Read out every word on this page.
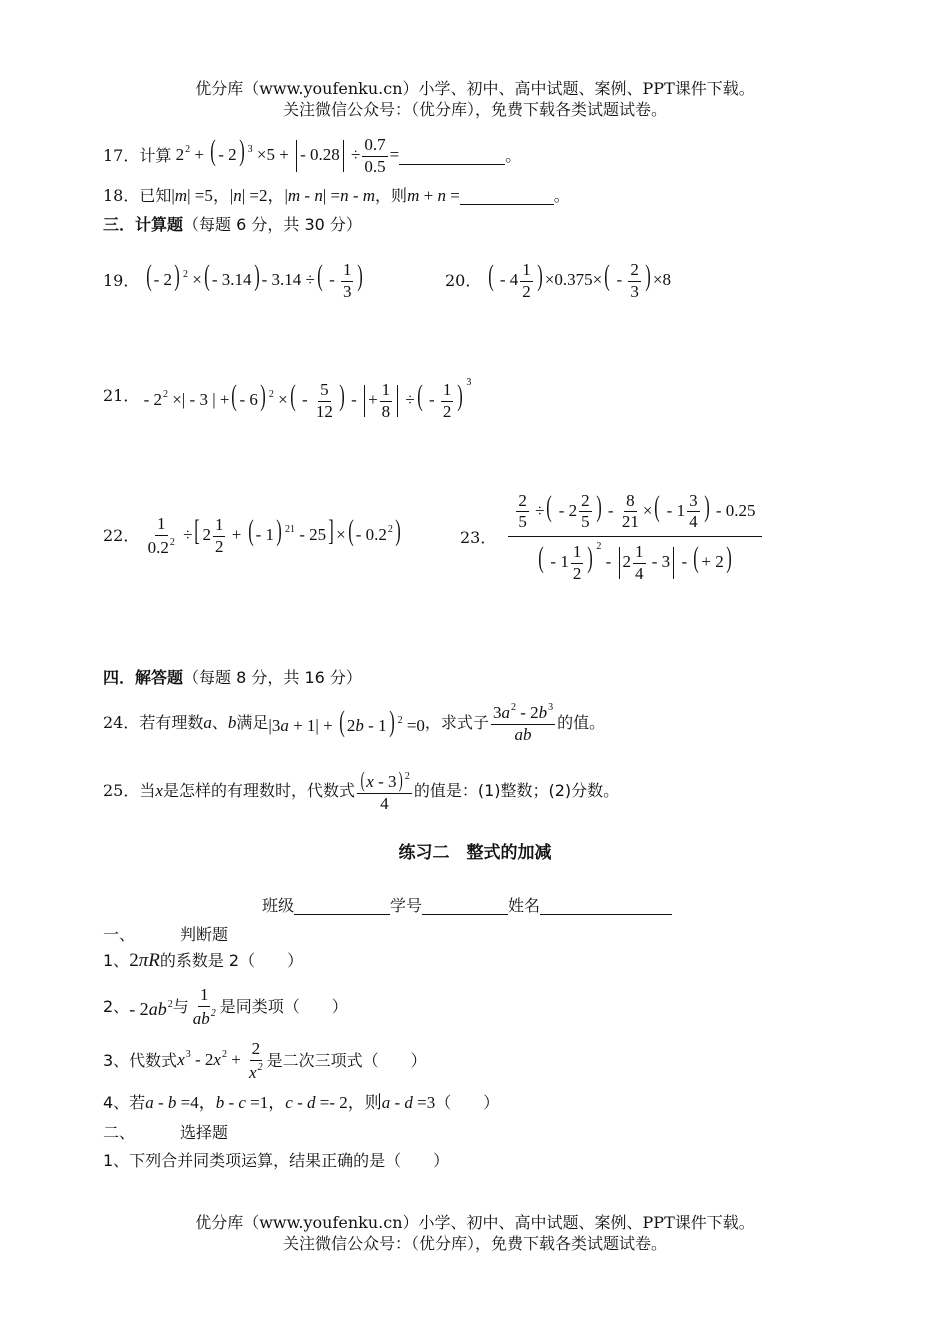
优分库（www.youfenku.cn）小学、初中、高中试题、案例、PPT课件下载。
关注微信公众号：（优分库），免费下载各类试题试卷。
17． 计算 $2^2$ + ( - 2) $^3$ ×5 + - $0.28 \div \frac{0.7}{0.5}$ =	。
18． 已知 |m| =5，|n| =2，|m - n| =n - m ，则 m + n =	。
三．计算题 （每题 6 分，共 30 分）
19． ( - 2) $^2$ ×( - 3.14) - 3.14 ÷( - $\frac{1}{3}$ )	20． ( - $4 \frac{1}{2}$ ) $\times 0.375\times( - \frac{2}{3}$ ) ×8
21． - $2^2$ ×| - 3 | +( - 6) $^2$ ×( - $\frac{5}{12}$ ) - + $\frac{1}{8}$ ÷( - $\frac{1}{2}$ ) $^3$
22．
$\frac{1}{0.2^2}$ ÷[ $2 \frac{1}{2}$ + ( - 1) $^{21}$ - 25] ×( - $0.2^2$)	23． $\frac{\frac{2}{5} \div( - 2 \frac{2}{5} ) - \frac{8}{21} \times( - 1 \frac{3}{4} ) - 0.25}{( - 1 \frac{1}{2} ) ^2 - 2 \frac{1}{4} - 3 - ( + 2)}$
四．解答题 （每题 8 分，共 16 分）
24． 若有理数 a 、 b 满足 |3a + 1| + ( 2b - 1) $^2$ =0 ，求式子 $\frac{3a^2 - 2b^3}{ab}$ 的值。
25． 当 x 是怎样的有理数时，代数式 $\frac{(x - 3) ^2}{4}$ 的值是：(1)整数；(2)分数。
练习二　整式的加减
班级	学号	姓名
一、	判断题
1、 2πR 的系数是 2（　　）
2、 - $2ab^2$ 与 $\frac{1}{ab^2}$ 是同类项（　　）
3、代数式 $x^3 - 2x^2 + \frac{2}{x^2}$ 是二次三项式（　　）
4、若 a - b =4，b - c =1，c - d =- 2，则a - d =3 （　　）
二、	选择题
1、下列合并同类项运算，结果正确的是（　　）
优分库（www.youfenku.cn）小学、初中、高中试题、案例、PPT课件下载。
关注微信公众号：（优分库），免费下载各类试题试卷。
